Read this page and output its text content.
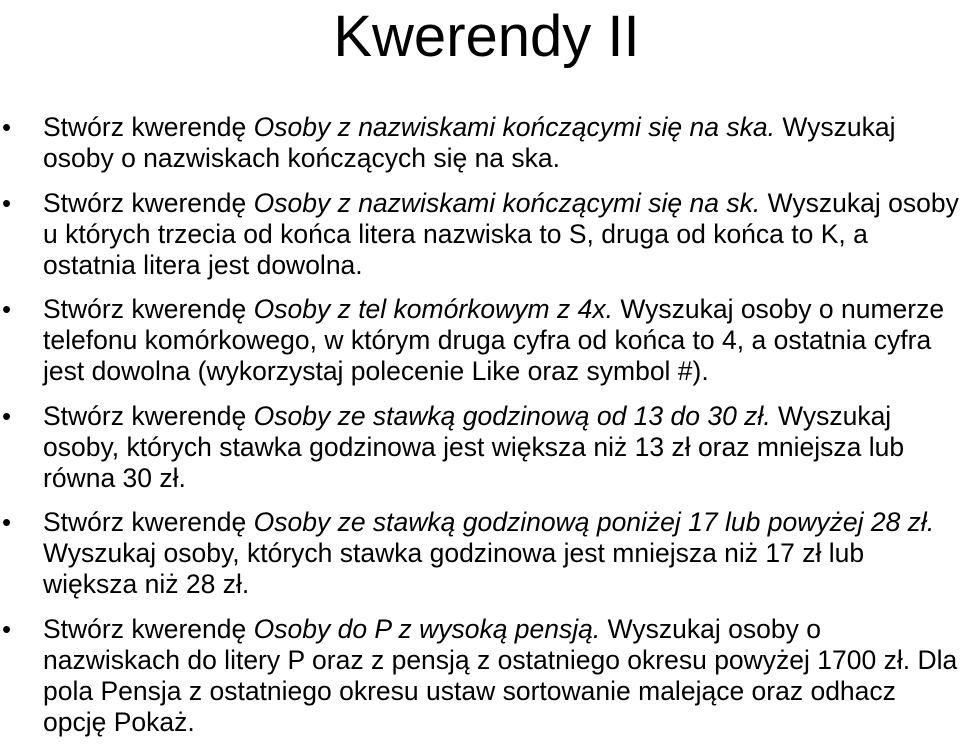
Kwerendy II
• Stwórz kwerendę Osoby z nazwiskami kończącymi się na ska. Wyszukaj osoby o nazwiskach kończących się na ska.
• Stwórz kwerendę Osoby z nazwiskami kończącymi się na sk. Wyszukaj osoby u których trzecia od końca litera nazwiska to S, druga od końca to K, a ostatnia litera jest dowolna.
• Stwórz kwerendę Osoby z tel komórkowym z 4x. Wyszukaj osoby o numerze telefonu komórkowego, w którym druga cyfra od końca to 4, a ostatnia cyfra jest dowolna (wykorzystaj polecenie Like oraz symbol #).
• Stwórz kwerendę Osoby ze stawką godzinową od 13 do 30 zł. Wyszukaj osoby, których stawka godzinowa jest większa niż 13 zł oraz mniejsza lub równa 30 zł.
• Stwórz kwerendę Osoby ze stawką godzinową poniżej 17 lub powyżej 28 zł. Wyszukaj osoby, których stawka godzinowa jest mniejsza niż 17 zł lub większa niż 28 zł.
• Stwórz kwerendę Osoby do P z wysoką pensją. Wyszukaj osoby o nazwiskach do litery P oraz z pensją z ostatniego okresu powyżej 1700 zł. Dla pola Pensja z ostatniego okresu ustaw sortowanie malejące oraz odhacz opcję Pokaż.
